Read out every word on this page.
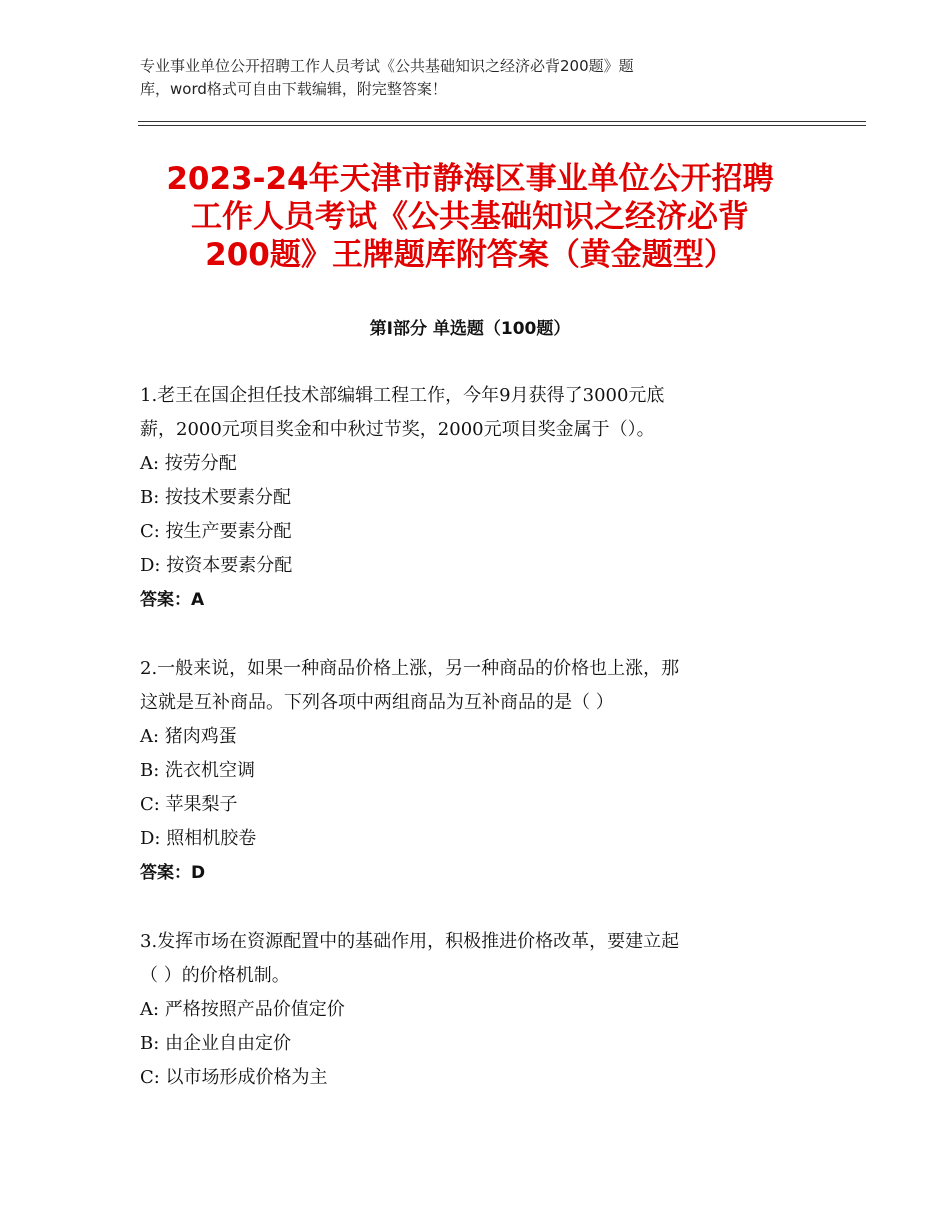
专业事业单位公开招聘工作人员考试《公共基础知识之经济必背200题》题
库，word格式可自由下载编辑，附完整答案！
2023-24年天津市静海区事业单位公开招聘
工作人员考试《公共基础知识之经济必背
200题》王牌题库附答案（黄金题型）
第Ⅰ部分 单选题（100题）

1.老王在国企担任技术部编辑工程工作，今年9月获得了3000元底

薪，2000元项目奖金和中秋过节奖，2000元项目奖金属于（）。

A: 按劳分配

B: 按技术要素分配

C: 按生产要素分配

D: 按资本要素分配

答案：A

2.一般来说，如果一种商品价格上涨，另一种商品的价格也上涨，那

这就是互补商品。下列各项中两组商品为互补商品的是（ ）

A: 猪肉鸡蛋

B: 洗衣机空调

C: 苹果梨子

D: 照相机胶卷

答案：D

3.发挥市场在资源配置中的基础作用，积极推进价格改革，要建立起

（ ）的价格机制。

A: 严格按照产品价值定价

B: 由企业自由定价

C: 以市场形成价格为主
